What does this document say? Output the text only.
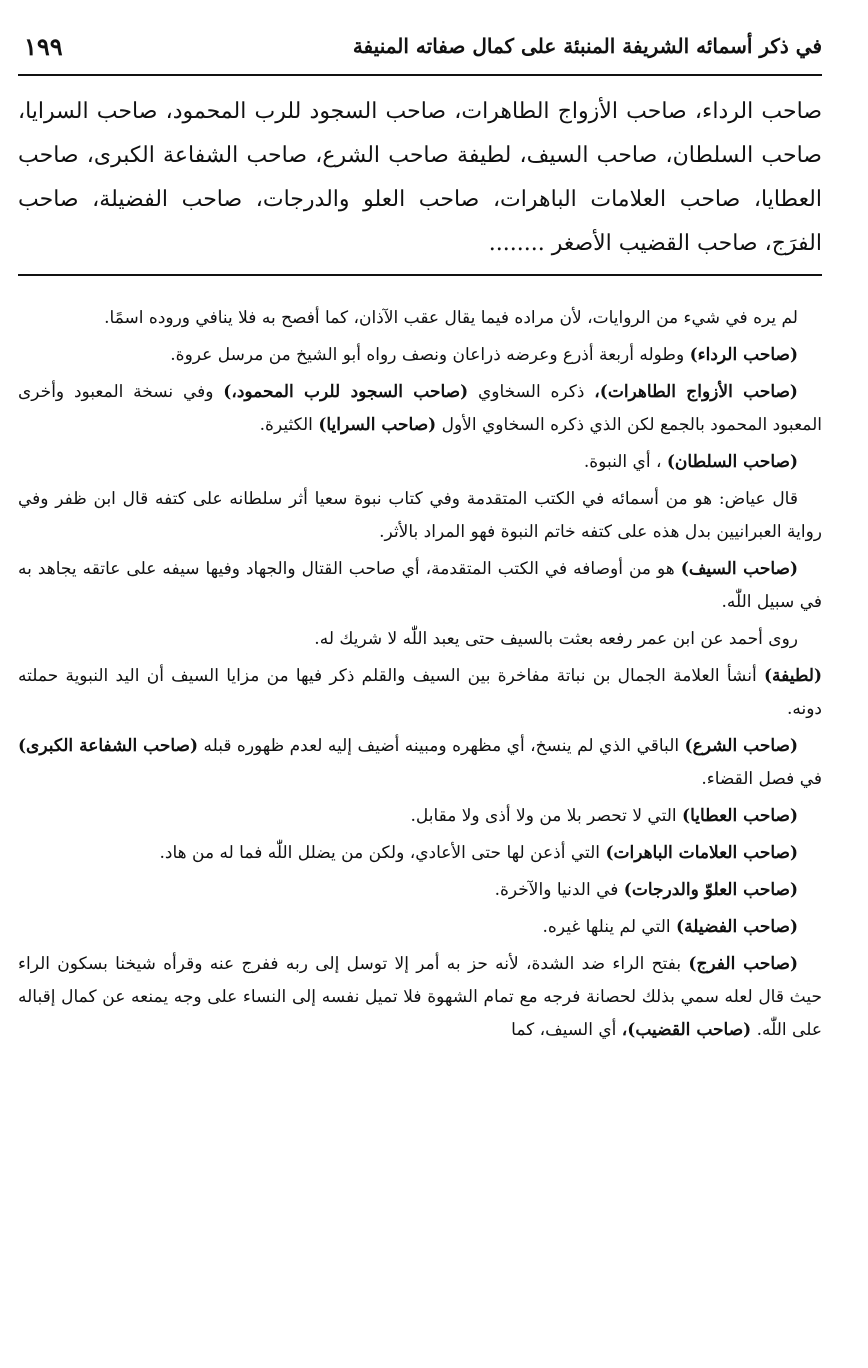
في ذكر أسمائه الشريفة المنبئة على كمال صفاته المنيفة
١٩٩
صاحب الرداء، صاحب الأزواج الطاهرات، صاحب السجود للرب المحمود، صاحب السرايا، صاحب السلطان، صاحب السيف، لطيفة صاحب الشرع، صاحب الشفاعة الكبرى، صاحب العطايا، صاحب العلامات الباهرات، صاحب العلو والدرجات، صاحب الفضيلة، صاحب الفرَج، صاحب القضيب الأصغر ........

لم يره في شيء من الروايات، لأن مراده فيما يقال عقب الآذان، كما أفصح به فلا ينافي وروده اسمًا.

(صاحب الرداء) وطوله أربعة أذرع وعرضه ذراعان ونصف رواه أبو الشيخ من مرسل عروة.

(صاحب الأزواج الطاهرات)، ذكره السخاوي (صاحب السجود للرب المحمود،) وفي نسخة المعبود وأخرى المعبود المحمود بالجمع لكن الذي ذكره السخاوي الأول (صاحب السرايا) الكثيرة.

(صاحب السلطان) ، أي النبوة.

قال عياض: هو من أسمائه في الكتب المتقدمة وفي كتاب نبوة سعيا أثر سلطانه على كتفه قال ابن ظفر وفي رواية العبرانيين بدل هذه على كتفه خاتم النبوة فهو المراد بالأثر.

(صاحب السيف) هو من أوصافه في الكتب المتقدمة، أي صاحب القتال والجهاد وفيها سيفه على عاتقه يجاهد به في سبيل اللّٰه.

روى أحمد عن ابن عمر رفعه بعثت بالسيف حتى يعبد اللّٰه لا شريك له.

(لطيفة) أنشأ العلامة الجمال بن نباتة مفاخرة بين السيف والقلم ذكر فيها من مزايا السيف أن اليد النبوية حملته دونه.

(صاحب الشرع) الباقي الذي لم ينسخ، أي مظهره ومبينه أضيف إليه لعدم ظهوره قبله (صاحب الشفاعة الكبرى) في فصل القضاء.

(صاحب العطايا) التي لا تحصر بلا من ولا أذى ولا مقابل.

(صاحب العلامات الباهرات) التي أذعن لها حتى الأعادي، ولكن من يضلل اللّٰه فما له من هاد.

(صاحب العلوّ والدرجات) في الدنيا والآخرة.

(صاحب الفضيلة) التي لم ينلها غيره.

(صاحب الفرج) بفتح الراء ضد الشدة، لأنه حز به أمر إلا توسل إلى ربه ففرج عنه وقرأه شيخنا بسكون الراء حيث قال لعله سمي بذلك لحصانة فرجه مع تمام الشهوة فلا تميل نفسه إلى النساء على وجه يمنعه عن كمال إقباله على اللّٰه. (صاحب القضيب)، أي السيف، كما
